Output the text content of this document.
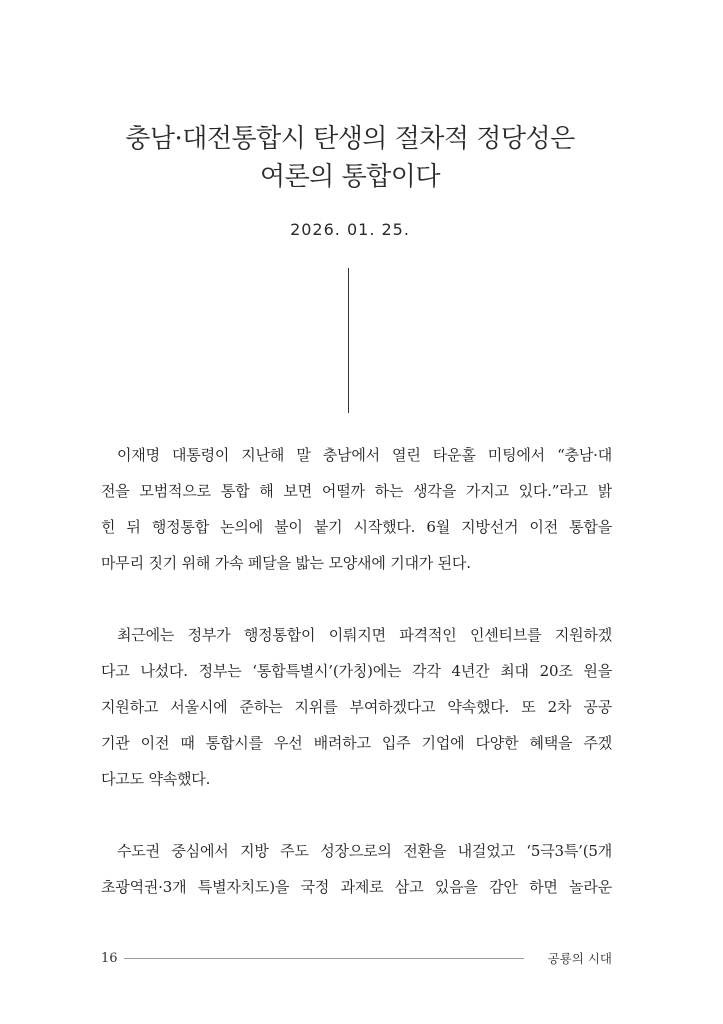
충남·대전통합시 탄생의 절차적 정당성은
여론의 통합이다
2026. 01. 25.
이재명 대통령이 지난해 말 충남에서 열린 타운홀 미팅에서 “충남·대
전을 모범적으로 통합 해 보면 어떨까 하는 생각을 가지고 있다.”라고 밝
힌 뒤 행정통합 논의에 불이 붙기 시작했다. 6월 지방선거 이전 통합을
마무리 짓기 위해 가속 페달을 밟는 모양새에 기대가 된다.
최근에는 정부가 행정통합이 이뤄지면 파격적인 인센티브를 지원하겠
다고 나섰다. 정부는 ‘통합특별시’(가칭)에는 각각 4년간 최대 20조 원을
지원하고 서울시에 준하는 지위를 부여하겠다고 약속했다. 또 2차 공공
기관 이전 때 통합시를 우선 배려하고 입주 기업에 다양한 혜택을 주겠
다고도 약속했다.
수도권 중심에서 지방 주도 성장으로의 전환을 내걸었고 ‘5극3특’(5개
초광역권·3개 특별자치도)을 국정 과제로 삼고 있음을 감안 하면 놀라운
16	공룡의 시대
